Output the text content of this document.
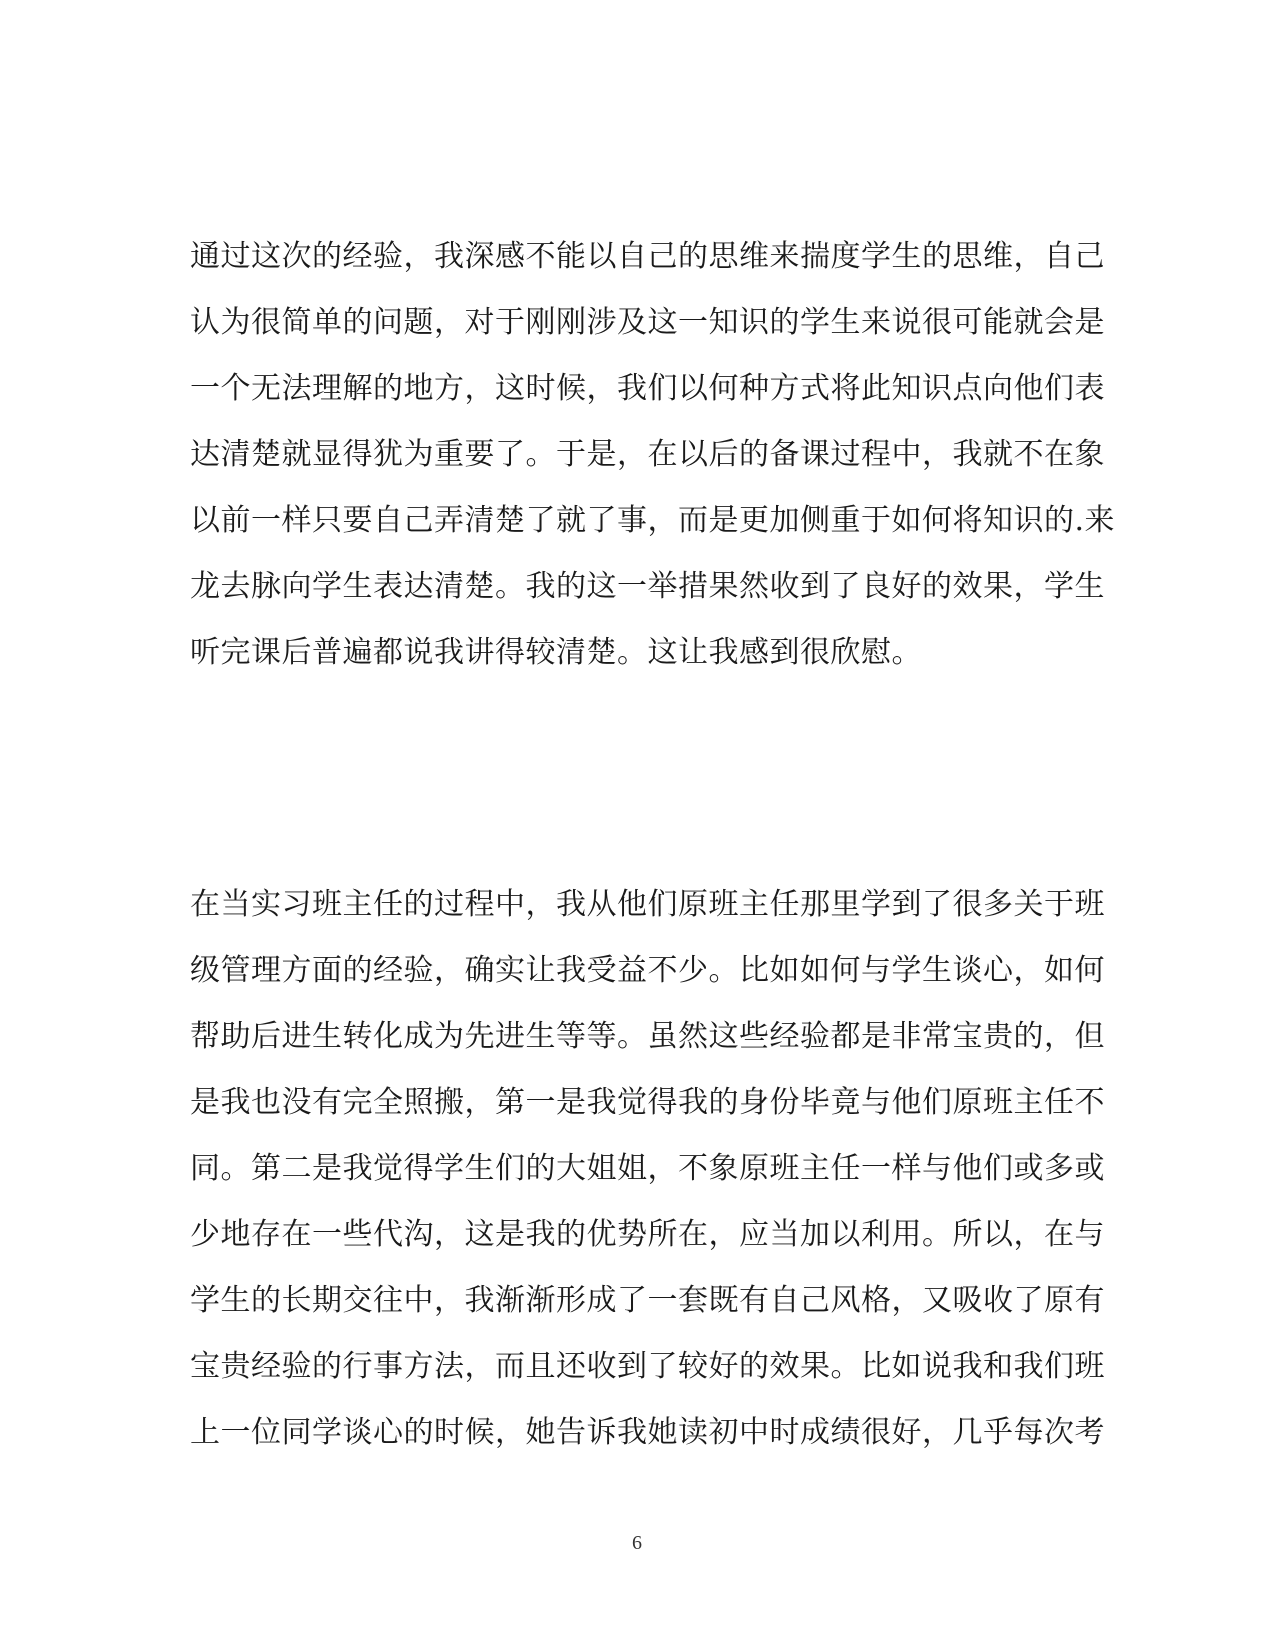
通过这次的经验，我深感不能以自己的思维来揣度学生的思维，自己
认为很简单的问题，对于刚刚涉及这一知识的学生来说很可能就会是
一个无法理解的地方，这时候，我们以何种方式将此知识点向他们表
达清楚就显得犹为重要了。于是，在以后的备课过程中，我就不在象
以前一样只要自己弄清楚了就了事，而是更加侧重于如何将知识的.来
龙去脉向学生表达清楚。我的这一举措果然收到了良好的效果，学生
听完课后普遍都说我讲得较清楚。这让我感到很欣慰。
在当实习班主任的过程中，我从他们原班主任那里学到了很多关于班
级管理方面的经验，确实让我受益不少。比如如何与学生谈心，如何
帮助后进生转化成为先进生等等。虽然这些经验都是非常宝贵的，但
是我也没有完全照搬，第一是我觉得我的身份毕竟与他们原班主任不
同。第二是我觉得学生们的大姐姐，不象原班主任一样与他们或多或
少地存在一些代沟，这是我的优势所在，应当加以利用。所以，在与
学生的长期交往中，我渐渐形成了一套既有自己风格，又吸收了原有
宝贵经验的行事方法，而且还收到了较好的效果。比如说我和我们班
上一位同学谈心的时候，她告诉我她读初中时成绩很好，几乎每次考
6
